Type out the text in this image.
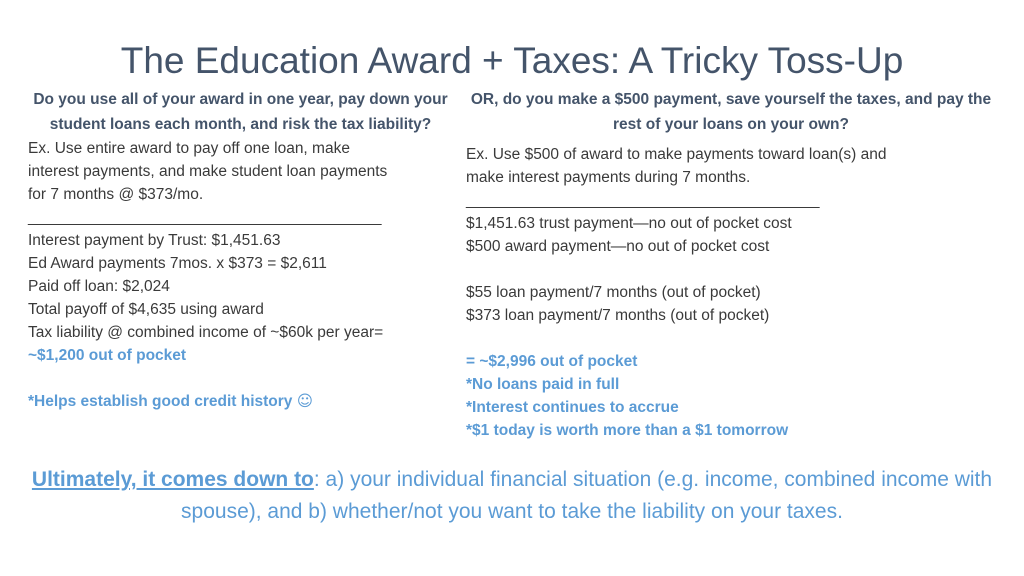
The Education Award + Taxes: A Tricky Toss-Up
Do you use all of your award in one year, pay down your student loans each month, and risk the tax liability?
Ex. Use entire award to pay off one loan, make
interest payments, and make student loan payments
for 7 months @ $373/mo.
_________________________________________
Interest payment by Trust: $1,451.63
Ed Award payments 7mos. x $373 = $2,611
Paid off loan: $2,024
Total payoff of $4,635 using award
Tax liability @ combined income of ~$60k per year=
~$1,200 out of pocket
*Helps establish good credit history ☺
OR, do you make a $500 payment, save yourself the taxes, and pay the rest of your loans on your own?
Ex. Use $500 of award to make payments toward loan(s) and
make interest payments during 7 months.
_________________________________________
$1,451.63 trust payment—no out of pocket cost
$500 award payment—no out of pocket cost
$55 loan payment/7 months (out of pocket)
$373 loan payment/7 months (out of pocket)
= ~$2,996 out of pocket
*No loans paid in full
*Interest continues to accrue
*$1 today is worth more than a $1 tomorrow
Ultimately, it comes down to: a) your individual financial situation (e.g. income, combined income with spouse), and b) whether/not you want to take the liability on your taxes.
